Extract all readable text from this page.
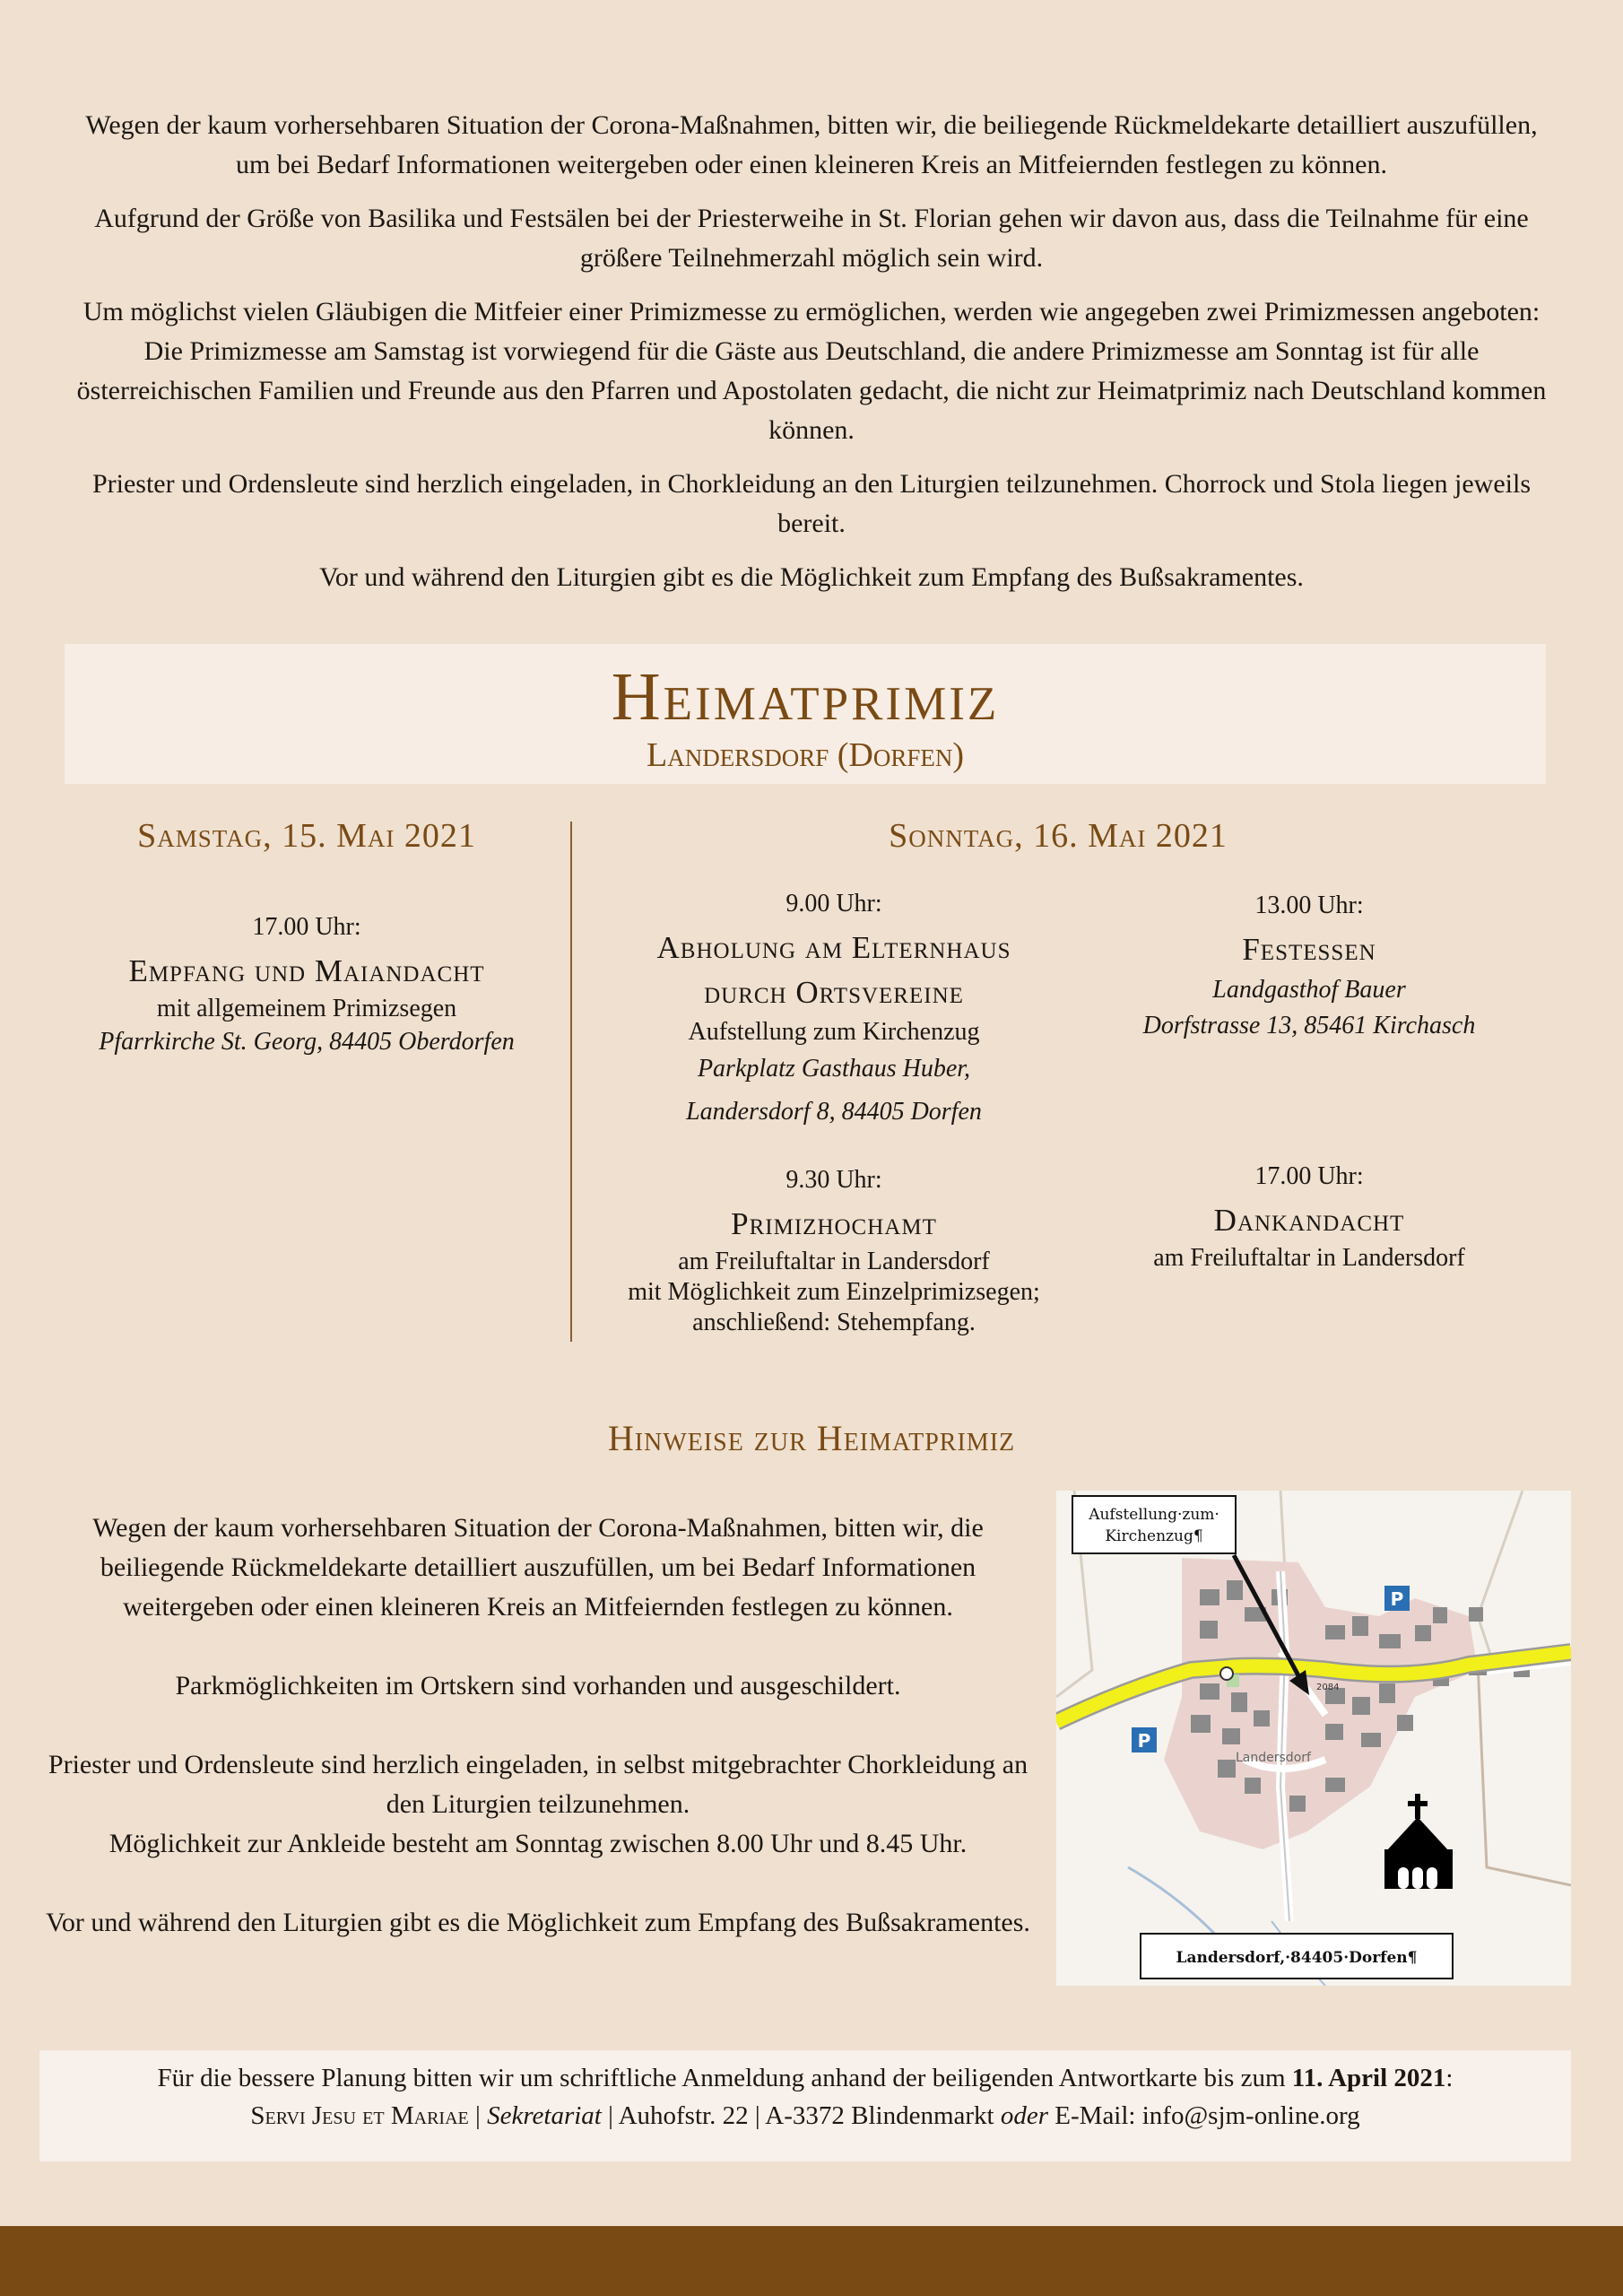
Wegen der kaum vorhersehbaren Situation der Corona-Maßnahmen, bitten wir, die beiliegende Rückmeldekarte detailliert auszufüllen, um bei Bedarf Informationen weitergeben oder einen kleineren Kreis an Mitfeiernden festlegen zu können.

Aufgrund der Größe von Basilika und Festsälen bei der Priesterweihe in St. Florian gehen wir davon aus, dass die Teilnahme für eine größere Teilnehmerzahl möglich sein wird.

Um möglichst vielen Gläubigen die Mitfeier einer Primizmesse zu ermöglichen, werden wie angegeben zwei Primizmessen angeboten: Die Primizmesse am Samstag ist vorwiegend für die Gäste aus Deutschland, die andere Primizmesse am Sonntag ist für alle österreichischen Familien und Freunde aus den Pfarren und Apostolaten gedacht, die nicht zur Heimatprimiz nach Deutschland kommen können.

Priester und Ordensleute sind herzlich eingeladen, in Chorkleidung an den Liturgien teilzunehmen. Chorrock und Stola liegen jeweils bereit.

Vor und während den Liturgien gibt es die Möglichkeit zum Empfang des Bußsakramentes.

Heimatprimiz
Landersdorf (Dorfen)
Samstag, 15. Mai 2021
17.00 Uhr:
Empfang und Maiandacht
mit allgemeinem Primizsegen
Pfarrkirche St. Georg, 84405 Oberdorfen
Sonntag, 16. Mai 2021
9.00 Uhr:
Abholung am Elternhaus
durch Ortsvereine
Aufstellung zum Kirchenzug
Parkplatz Gasthaus Huber,
Landersdorf 8, 84405 Dorfen
9.30 Uhr:
Primizhochamt
am Freiluftaltar in Landersdorf
mit Möglichkeit zum Einzelprimizsegen;
anschließend: Stehempfang.
13.00 Uhr:
Festessen
Landgasthof Bauer
Dorfstrasse 13, 85461 Kirchasch
17.00 Uhr:
Dankandacht
am Freiluftaltar in Landersdorf
Hinweise zur Heimatprimiz

Wegen der kaum vorhersehbaren Situation der Corona-Maßnahmen, bitten wir, die beiliegende Rückmeldekarte detailliert auszufüllen, um bei Bedarf Informationen weitergeben oder einen kleineren Kreis an Mitfeiernden festlegen zu können.

Parkmöglichkeiten im Ortskern sind vorhanden und ausgeschildert.

Priester und Ordensleute sind herzlich eingeladen, in selbst mitgebrachter Chorkleidung an den Liturgien teilzunehmen.

Möglichkeit zur Ankleide besteht am Sonntag zwischen 8.00 Uhr und 8.45 Uhr.

Vor und während den Liturgien gibt es die Möglichkeit zum Empfang des Bußsakramentes.

2084
Aufstellung·zum·
Kirchenzug¶
P
P
Landersdorf
Landersdorf,·84405·Dorfen¶
Für die bessere Planung bitten wir um schriftliche Anmeldung anhand der beiligenden Antwortkarte bis zum 11. April 2021:
Servi Jesu et Mariae | Sekretariat | Auhofstr. 22 | A-3372 Blindenmarkt oder E-Mail: info@sjm-online.org
